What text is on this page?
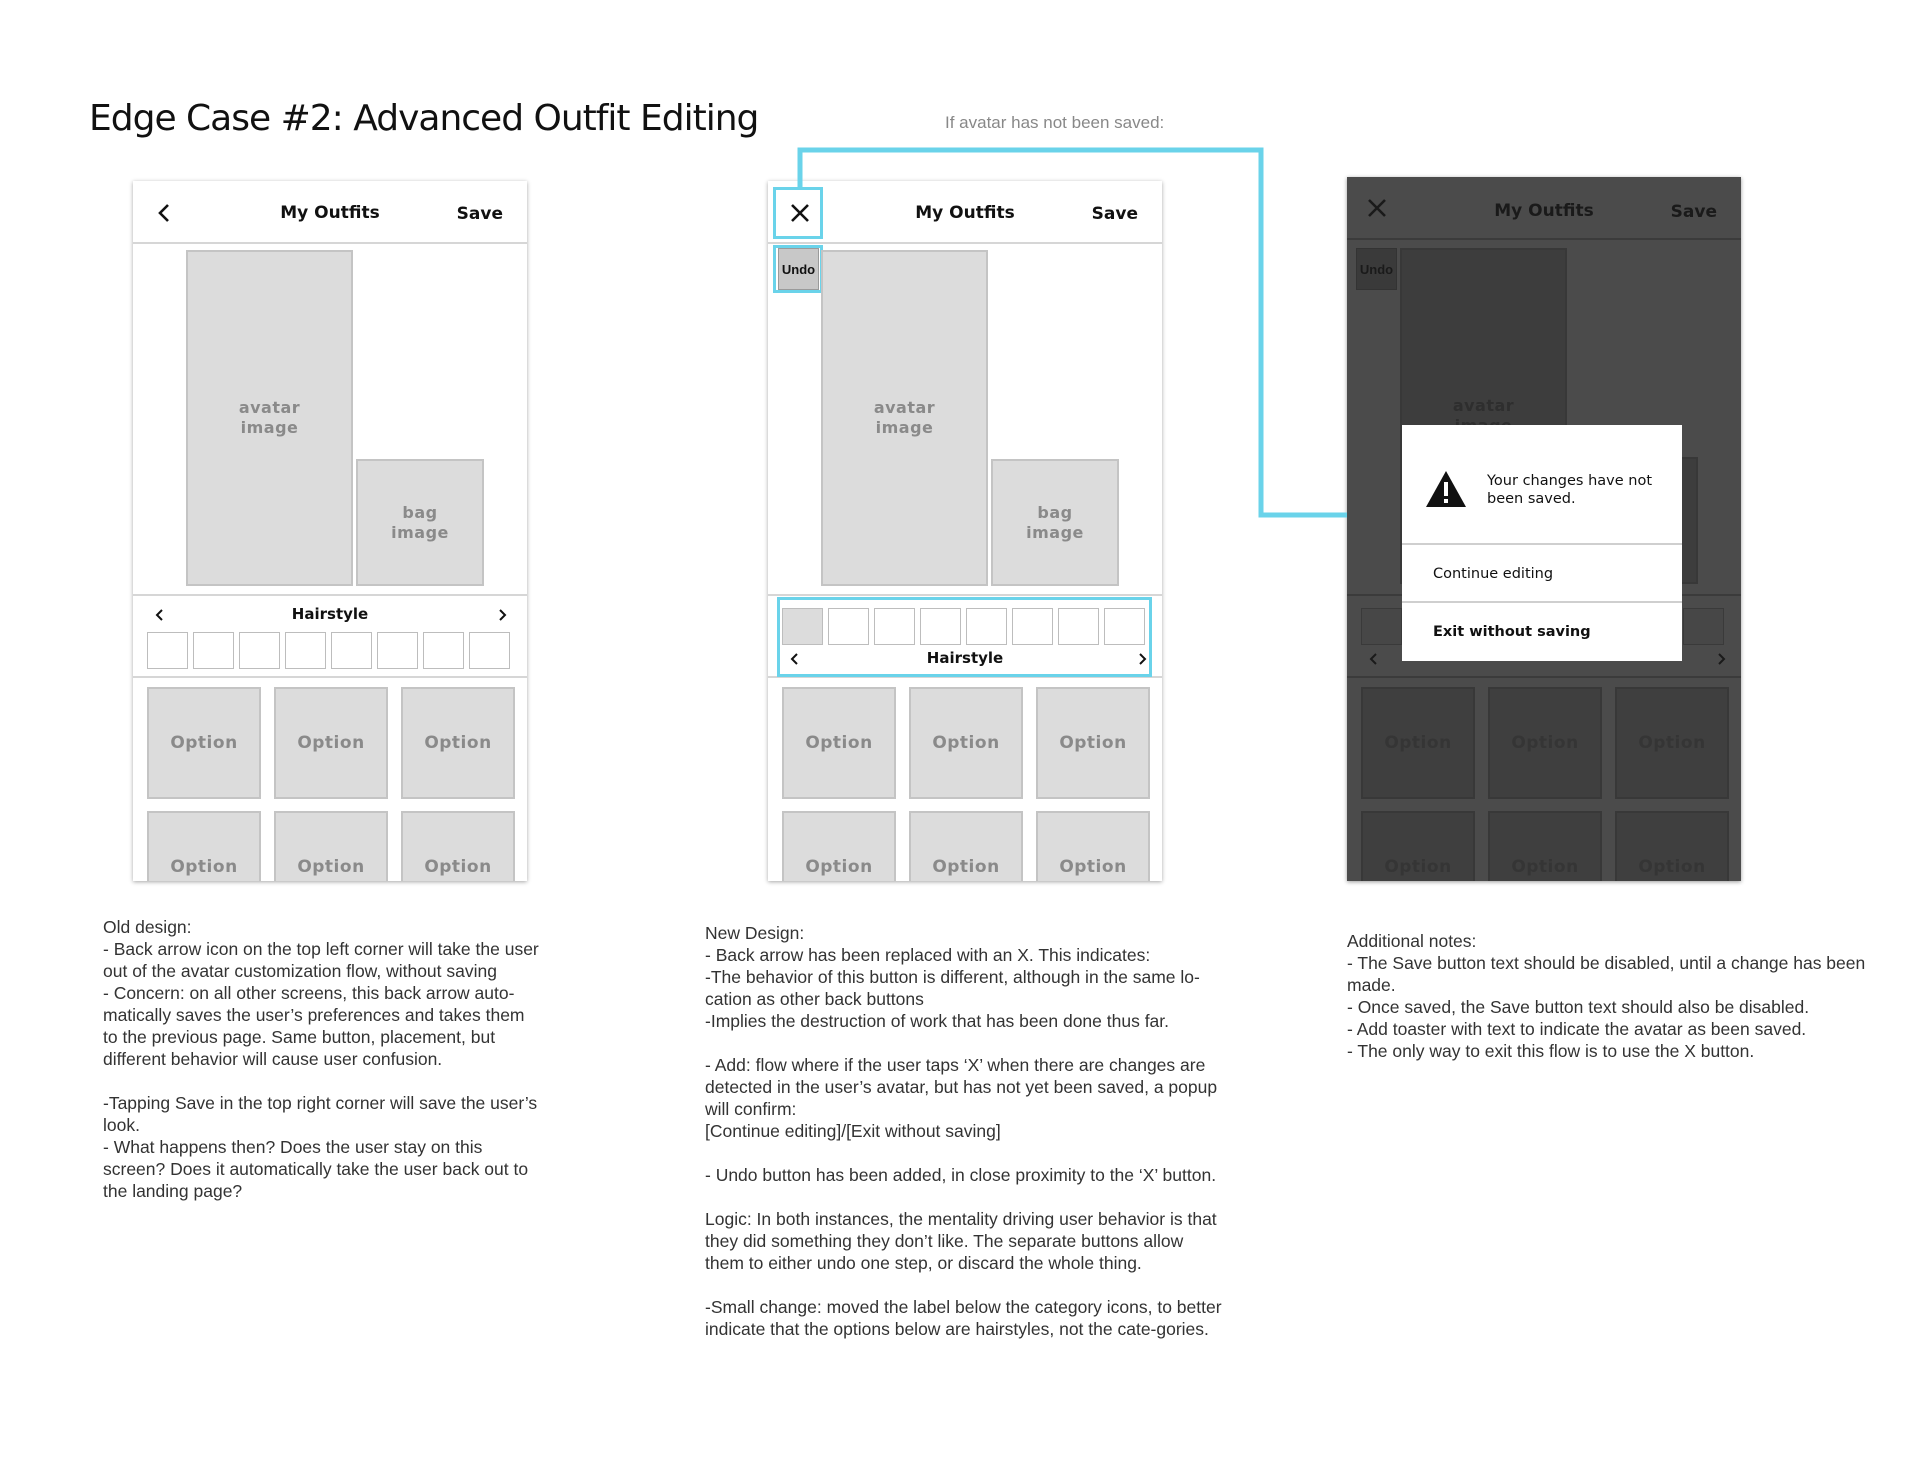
Edge Case #2: Advanced Outfit Editing	If avatar has not been saved:
My Outfits	Save
avatar
image
bag
image
Hairstyle
Option	Option	Option
Option	Option	Option
My Outfits	Save
Undo
avatar
image
bag
image
Hairstyle
Option	Option	Option
Option	Option	Option
My Outfits	Save
Undo
avatar

Option	Option	Option
Option	Option	Option
Your changes have not been saved.
Continue editing
Exit without saving
Old design:
- Back arrow icon on the top left corner will take the user out of the avatar customization flow, without saving
- Concern: on all other screens, this back arrow auto-matically saves the user’s preferences and takes them to the previous page. Same button, placement, but different behavior will cause user confusion.

-Tapping Save in the top right corner will save the user’s look.
- What happens then? Does the user stay on this screen? Does it automatically take the user back out to the landing page?
New Design:
- Back arrow has been replaced with an X. This indicates:
-The behavior of this button is different, although in the same lo-cation as other back buttons
-Implies the destruction of work that has been done thus far.

- Add: flow where if the user taps ‘X’ when there are changes are detected in the user’s avatar, but has not yet been saved, a popup will confirm:
[Continue editing]/[Exit without saving]

- Undo button has been added, in close proximity to the ‘X’ button.

Logic: In both instances, the mentality driving user behavior is that they did something they don’t like. The separate buttons allow them to either undo one step, or discard the whole thing.

-Small change: moved the label below the category icons, to better indicate that the options below are hairstyles, not the cate-gories.
Additional notes:
- The Save button text should be disabled, until a change has been made.
- Once saved, the Save button text should also be disabled.
- Add toaster with text to indicate the avatar as been saved.
- The only way to exit this flow is to use the X button.
